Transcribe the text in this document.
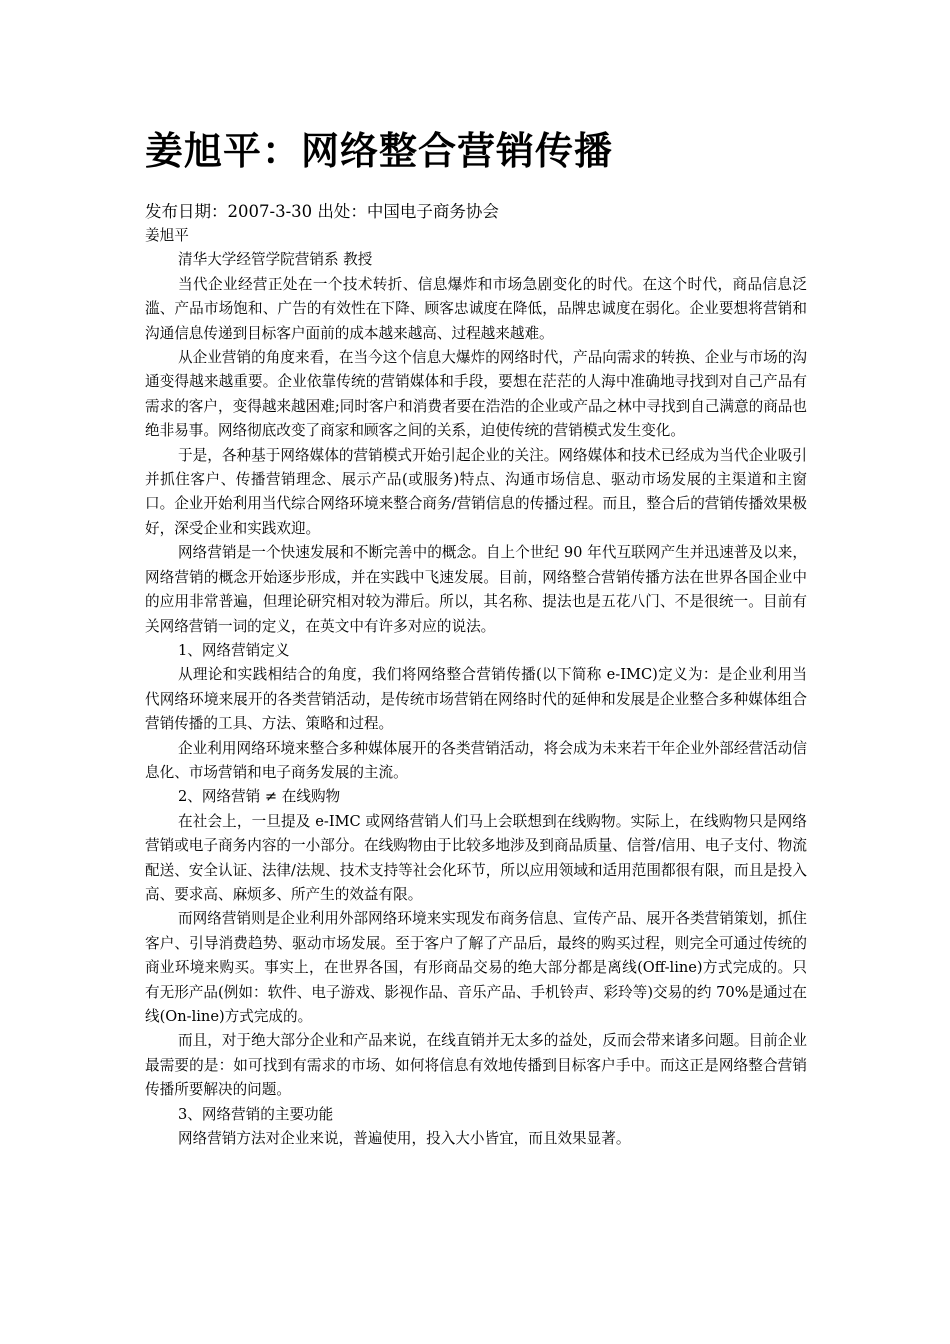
姜旭平：网络整合营销传播
发布日期：2007-3-30 出处：中国电子商务协会
姜旭平
清华大学经管学院营销系 教授

当代企业经营正处在一个技术转折、信息爆炸和市场急剧变化的时代。在这个时代，商品信息泛滥、产品市场饱和、广告的有效性在下降、顾客忠诚度在降低，品牌忠诚度在弱化。企业要想将营销和沟通信息传递到目标客户面前的成本越来越高、过程越来越难。

从企业营销的角度来看，在当今这个信息大爆炸的网络时代，产品向需求的转换、企业与市场的沟通变得越来越重要。企业依靠传统的营销媒体和手段，要想在茫茫的人海中准确地寻找到对自己产品有需求的客户，变得越来越困难;同时客户和消费者要在浩浩的企业或产品之林中寻找到自己满意的商品也绝非易事。网络彻底改变了商家和顾客之间的关系，迫使传统的营销模式发生变化。

于是，各种基于网络媒体的营销模式开始引起企业的关注。网络媒体和技术已经成为当代企业吸引并抓住客户、传播营销理念、展示产品(或服务)特点、沟通市场信息、驱动市场发展的主渠道和主窗口。企业开始利用当代综合网络环境来整合商务/营销信息的传播过程。而且，整合后的营销传播效果极好，深受企业和实践欢迎。

网络营销是一个快速发展和不断完善中的概念。自上个世纪 90 年代互联网产生并迅速普及以来，网络营销的概念开始逐步形成，并在实践中飞速发展。目前，网络整合营销传播方法在世界各国企业中的应用非常普遍，但理论研究相对较为滞后。所以，其名称、提法也是五花八门、不是很统一。目前有关网络营销一词的定义，在英文中有许多对应的说法。

1、网络营销定义

从理论和实践相结合的角度，我们将网络整合营销传播(以下简称 e-IMC)定义为：是企业利用当代网络环境来展开的各类营销活动，是传统市场营销在网络时代的延伸和发展是企业整合多种媒体组合营销传播的工具、方法、策略和过程。

企业利用网络环境来整合多种媒体展开的各类营销活动，将会成为未来若干年企业外部经营活动信息化、市场营销和电子商务发展的主流。

2、网络营销 ≠ 在线购物

在社会上，一旦提及 e-IMC 或网络营销人们马上会联想到在线购物。实际上，在线购物只是网络营销或电子商务内容的一小部分。在线购物由于比较多地涉及到商品质量、信誉/信用、电子支付、物流配送、安全认证、法律/法规、技术支持等社会化环节，所以应用领域和适用范围都很有限，而且是投入高、要求高、麻烦多、所产生的效益有限。

而网络营销则是企业利用外部网络环境来实现发布商务信息、宣传产品、展开各类营销策划，抓住客户、引导消费趋势、驱动市场发展。至于客户了解了产品后，最终的购买过程，则完全可通过传统的商业环境来购买。事实上，在世界各国，有形商品交易的绝大部分都是离线(Off-line)方式完成的。只有无形产品(例如：软件、电子游戏、影视作品、音乐产品、手机铃声、彩玲等)交易的约 70%是通过在线(On-line)方式完成的。

而且，对于绝大部分企业和产品来说，在线直销并无太多的益处，反而会带来诸多问题。目前企业最需要的是：如可找到有需求的市场、如何将信息有效地传播到目标客户手中。而这正是网络整合营销传播所要解决的问题。

3、网络营销的主要功能

网络营销方法对企业来说，普遍使用，投入大小皆宜，而且效果显著。
